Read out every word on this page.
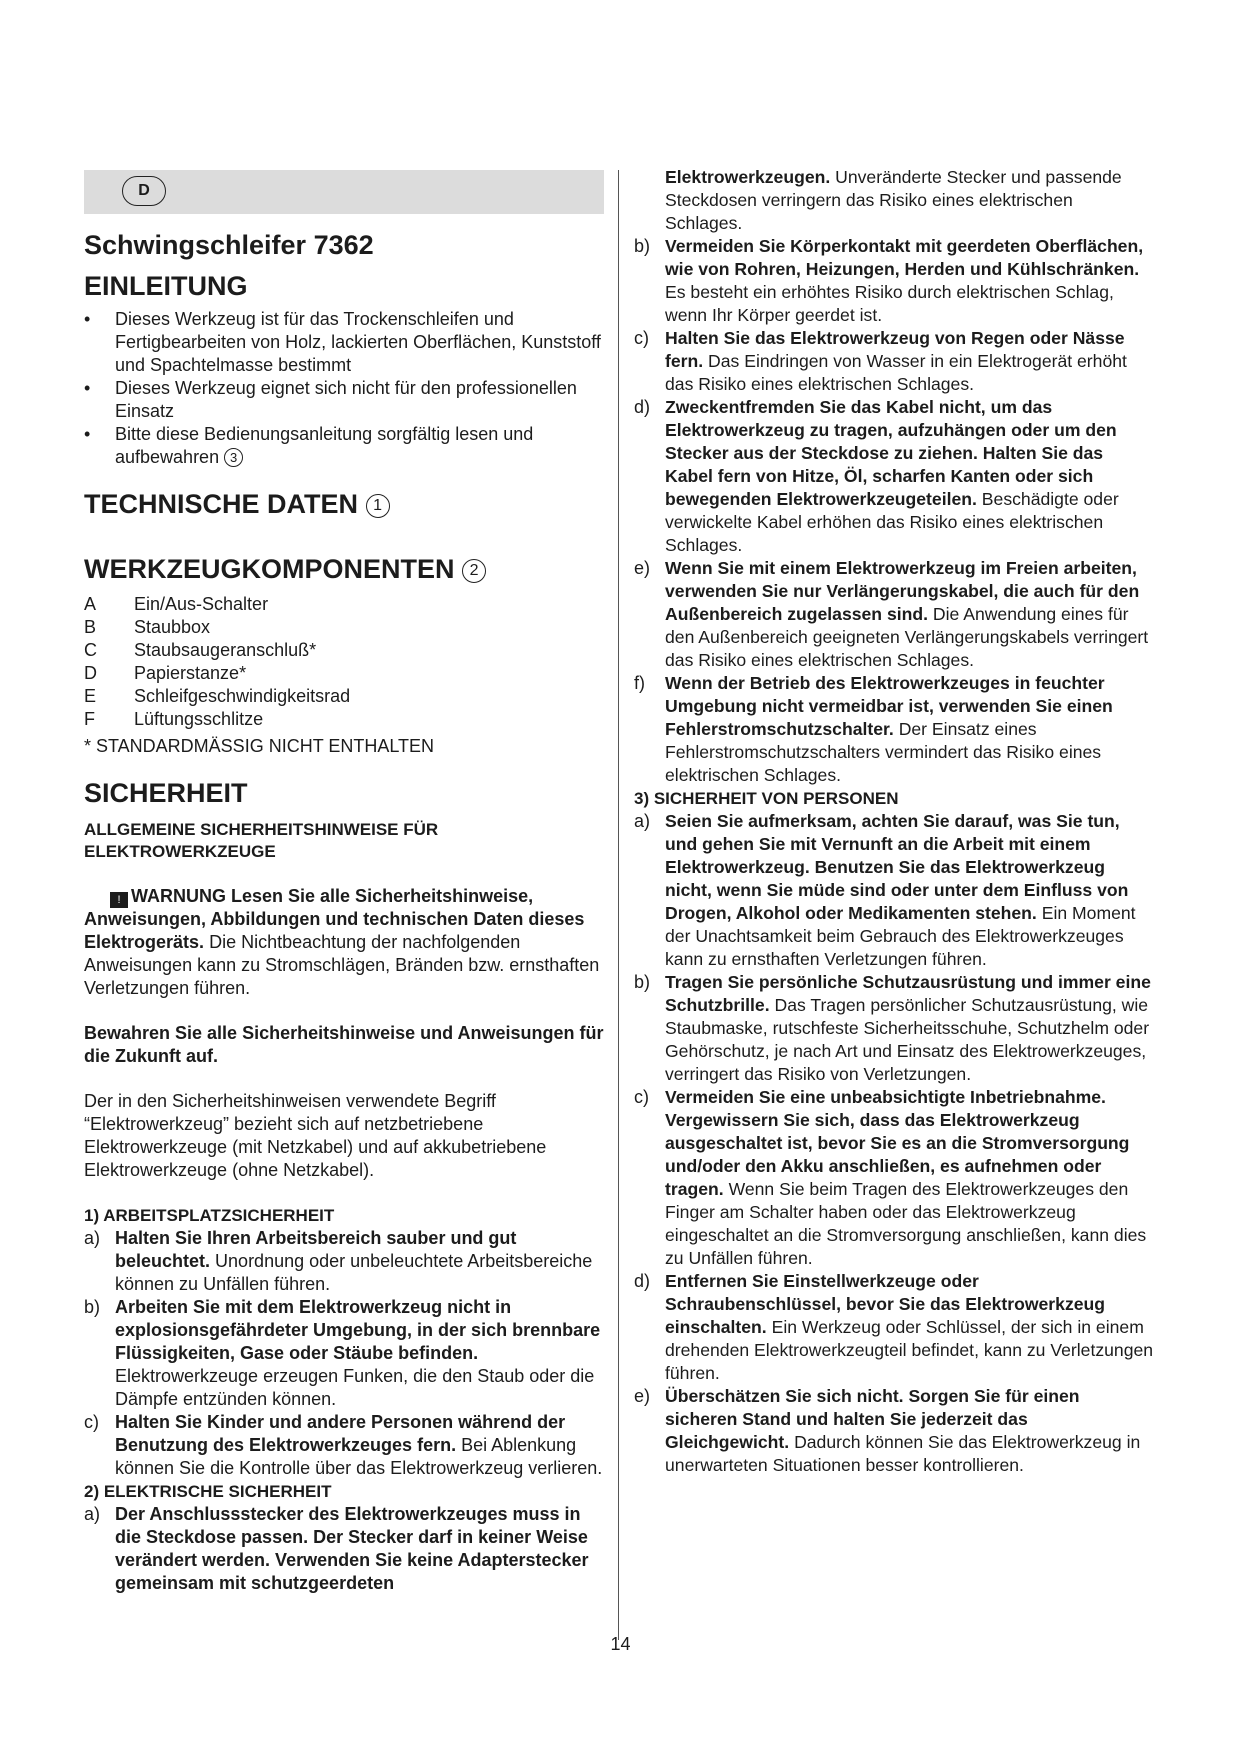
D
Schwingschleifer 7362
EINLEITUNG
• Dieses Werkzeug ist für das Trockenschleifen und Fertigbearbeiten von Holz, lackierten Oberflächen, Kunststoff und Spachtelmasse bestimmt
• Dieses Werkzeug eignet sich nicht für den professionellen Einsatz
• Bitte diese Bedienungsanleitung sorgfältig lesen und aufbewahren 3
TECHNISCHE DATEN 1
WERKZEUGKOMPONENTEN 2
A	Ein/Aus-Schalter
B	Staubbox
C	Staubsaugeranschluß*
D	Papierstanze*
E	Schleifgeschwindigkeitsrad
F	Lüftungsschlitze

* STANDARDMÄSSIG NICHT ENTHALTEN

SICHERHEIT
ALLGEMEINE SICHERHEITSHINWEISE FÜR ELEKTROWERKZEUGE

! WARNUNG Lesen Sie alle Sicherheitshinweise, Anweisungen, Abbildungen und technischen Daten dieses Elektrogeräts. Die Nichtbeachtung der nachfolgenden Anweisungen kann zu Stromschlägen, Bränden bzw. ernsthaften Verletzungen führen.

Bewahren Sie alle Sicherheitshinweise und Anweisungen für die Zukunft auf.

Der in den Sicherheitshinweisen verwendete Begriff “Elektrowerkzeug” bezieht sich auf netzbetriebene Elektrowerkzeuge (mit Netzkabel) und auf akkubetriebene Elektrowerkzeuge (ohne Netzkabel).

1) ARBEITSPLATZSICHERHEIT
a) Halten Sie Ihren Arbeitsbereich sauber und gut beleuchtet. Unordnung oder unbeleuchtete Arbeitsbereiche können zu Unfällen führen.

b) Arbeiten Sie mit dem Elektrowerkzeug nicht in explosionsgefährdeter Umgebung, in der sich brennbare Flüssigkeiten, Gase oder Stäube befinden. Elektrowerkzeuge erzeugen Funken, die den Staub oder die Dämpfe entzünden können.

c) Halten Sie Kinder und andere Personen während der Benutzung des Elektrowerkzeuges fern. Bei Ablenkung können Sie die Kontrolle über das Elektrowerkzeug verlieren.

2) ELEKTRISCHE SICHERHEIT
a) Der Anschlussstecker des Elektrowerkzeuges muss in die Steckdose passen. Der Stecker darf in keiner Weise verändert werden. Verwenden Sie keine Adapterstecker gemeinsam mit schutzgeerdeten

Elektrowerkzeugen. Unveränderte Stecker und passende Steckdosen verringern das Risiko eines elektrischen Schlages.

b) Vermeiden Sie Körperkontakt mit geerdeten Oberflächen, wie von Rohren, Heizungen, Herden und Kühlschränken. Es besteht ein erhöhtes Risiko durch elektrischen Schlag, wenn Ihr Körper geerdet ist.

c) Halten Sie das Elektrowerkzeug von Regen oder Nässe fern. Das Eindringen von Wasser in ein Elektrogerät erhöht das Risiko eines elektrischen Schlages.

d) Zweckentfremden Sie das Kabel nicht, um das Elektrowerkzeug zu tragen, aufzuhängen oder um den Stecker aus der Steckdose zu ziehen. Halten Sie das Kabel fern von Hitze, Öl, scharfen Kanten oder sich bewegenden Elektrowerkzeugeteilen. Beschädigte oder verwickelte Kabel erhöhen das Risiko eines elektrischen Schlages.

e) Wenn Sie mit einem Elektrowerkzeug im Freien arbeiten, verwenden Sie nur Verlängerungskabel, die auch für den Außenbereich zugelassen sind. Die Anwendung eines für den Außenbereich geeigneten Verlängerungskabels verringert das Risiko eines elektrischen Schlages.

f) Wenn der Betrieb des Elektrowerkzeuges in feuchter Umgebung nicht vermeidbar ist, verwenden Sie einen Fehlerstromschutzschalter. Der Einsatz eines Fehlerstromschutzschalters vermindert das Risiko eines elektrischen Schlages.

3) SICHERHEIT VON PERSONEN
a) Seien Sie aufmerksam, achten Sie darauf, was Sie tun, und gehen Sie mit Vernunft an die Arbeit mit einem Elektrowerkzeug. Benutzen Sie das Elektrowerkzeug nicht, wenn Sie müde sind oder unter dem Einfluss von Drogen, Alkohol oder Medikamenten stehen. Ein Moment der Unachtsamkeit beim Gebrauch des Elektrowerkzeuges kann zu ernsthaften Verletzungen führen.

b) Tragen Sie persönliche Schutzausrüstung und immer eine Schutzbrille. Das Tragen persönlicher Schutzausrüstung, wie Staubmaske, rutschfeste Sicherheitsschuhe, Schutzhelm oder Gehörschutz, je nach Art und Einsatz des Elektrowerkzeuges, verringert das Risiko von Verletzungen.

c) Vermeiden Sie eine unbeabsichtigte Inbetriebnahme. Vergewissern Sie sich, dass das Elektrowerkzeug ausgeschaltet ist, bevor Sie es an die Stromversorgung und/oder den Akku anschließen, es aufnehmen oder tragen. Wenn Sie beim Tragen des Elektrowerkzeuges den Finger am Schalter haben oder das Elektrowerkzeug eingeschaltet an die Stromversorgung anschließen, kann dies zu Unfällen führen.

d) Entfernen Sie Einstellwerkzeuge oder Schraubenschlüssel, bevor Sie das Elektrowerkzeug einschalten. Ein Werkzeug oder Schlüssel, der sich in einem drehenden Elektrowerkzeugteil befindet, kann zu Verletzungen führen.

e) Überschätzen Sie sich nicht. Sorgen Sie für einen sicheren Stand und halten Sie jederzeit das Gleichgewicht. Dadurch können Sie das Elektrowerkzeug in unerwarteten Situationen besser kontrollieren.

14
